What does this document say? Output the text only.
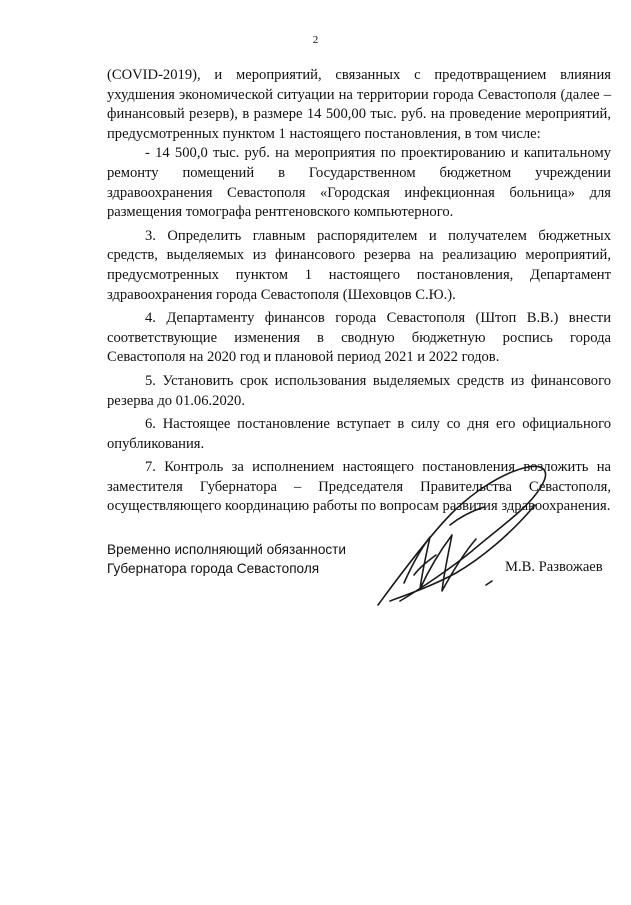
2

(COVID-2019), и мероприятий, связанных с предотвращением влияния ухудшения экономической ситуации на территории города Севастополя (далее – финансовый резерв), в размере 14 500,00 тыс. руб. на проведение мероприятий, предусмотренных пунктом 1 настоящего постановления, в том числе:

- 14 500,0 тыс. руб. на мероприятия по проектированию и капитальному ремонту помещений в Государственном бюджетном учреждении здравоохранения Севастополя «Городская инфекционная больница» для размещения томографа рентгеновского компьютерного.

3. Определить главным распорядителем и получателем бюджетных средств, выделяемых из финансового резерва на реализацию мероприятий, предусмотренных пунктом 1 настоящего постановления, Департамент здравоохранения города Севастополя (Шеховцов С.Ю.).

4. Департаменту финансов города Севастополя (Штоп В.В.) внести соответствующие изменения в сводную бюджетную роспись города Севастополя на 2020 год и плановой период 2021 и 2022 годов.

5. Установить срок использования выделяемых средств из финансового резерва до 01.06.2020.

6. Настоящее постановление вступает в силу со дня его официального опубликования.

7. Контроль за исполнением настоящего постановления возложить на заместителя Губернатора – Председателя Правительства Севастополя, осуществляющего координацию работы по вопросам развития здравоохранения.

Временно исполняющий обязанности
Губернатора города Севастополя	М.В. Развожаев
